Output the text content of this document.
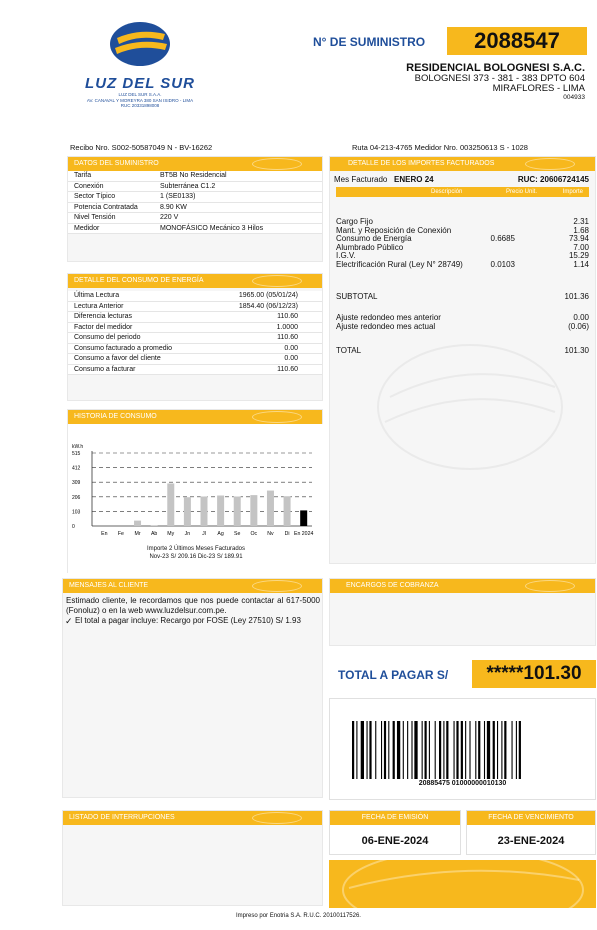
LUZ DEL SUR
LUZ DEL SUR S.A.A.
AV. CANAVAL Y MOREYRA 380 SAN ISIDRO - LIMA
RUC 20331898008
N° DE SUMINISTRO	2088547
RESIDENCIAL BOLOGNESI S.A.C.
BOLOGNESI 373 - 381 - 383 DPTO 604
MIRAFLORES - LIMA
004933
Recibo Nro. S002-50587049 N - BV-16262	Ruta 04-213-4765 Medidor Nro. 003250613 S - 1028
DATOS DEL SUMINISTRO
Tarifa	BT5B No Residencial
Conexión	Subterránea C1.2
Sector Típico	1 (SE0133)
Potencia Contratada	8.90 KW
Nivel Tensión	220 V
Medidor	MONOFÁSICO Mecánico 3 Hilos
DETALLE DEL CONSUMO DE ENERGÍA
Última Lectura	1965.00 (05/01/24)
Lectura Anterior	1854.40 (06/12/23)
Diferencia lecturas	110.60
Factor del medidor	1.0000
Consumo del periodo	110.60
Consumo facturado a promedio	0.00
Consumo a favor del cliente	0.00
Consumo a facturar	110.60
HISTORIA DE CONSUMO
kW.h
0
103
206
309
412
515
En Fe Mr Ab My Jn Jl Ag Se Oc Nv Di En 2024
Importe 2 Últimos Meses Facturados
Nov-23 S/ 209.16 Dic-23 S/ 189.91
DETALLE DE LOS IMPORTES FACTURADOS
Mes Facturado ENERO 24	RUC: 20606724145
Descripción	Precio Unit.	Importe
Cargo Fijo	2.31
Mant. y Reposición de Conexión	1.68
Consumo de Energía	0.6685	73.94
Alumbrado Público	7.00
I.G.V.	15.29
Electrificación Rural (Ley N° 28749)	0.0103	1.14
SUBTOTAL	101.36
Ajuste redondeo mes anterior	0.00
Ajuste redondeo mes actual	(0.06)
TOTAL	101.30
MENSAJES AL CLIENTE
Estimado cliente, le recordamos que nos puede contactar al 617-5000 (Fonoluz) o en la web www.luzdelsur.com.pe.
✓ El total a pagar incluye: Recargo por FOSE (Ley 27510) S/ 1.93
ENCARGOS DE COBRANZA
TOTAL A PAGAR S/	*****101.30
20885475 01000000010130
LISTADO DE INTERRUPCIONES	FECHA DE EMISIÓN
06-ENE-2024
FECHA DE VENCIMIENTO
23-ENE-2024
Impreso por Enotria S.A. R.U.C. 20100117526.
